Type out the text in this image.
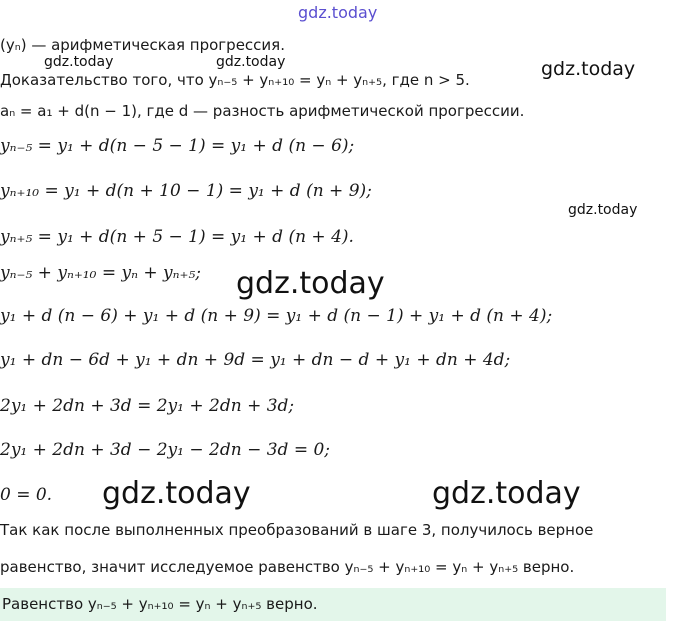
gdz.today
gdz.today	gdz.today	gdz.today
gdz.today
(yₙ) — арифметическая прогрессия.
Доказательство того, что yₙ₋₅ + yₙ₊₁₀ = yₙ + yₙ₊₅, где n > 5.
aₙ = a₁ + d(n − 1), где d — разность арифметической прогрессии.
yₙ₋₅ = y₁ + d(n − 5 − 1) = y₁ + d (n − 6);
yₙ₊₁₀ = y₁ + d(n + 10 − 1) = y₁ + d (n + 9);
yₙ₊₅ = y₁ + d(n + 5 − 1) = y₁ + d (n + 4).
yₙ₋₅ + yₙ₊₁₀ = yₙ + yₙ₊₅; gdz.today
y₁ + d (n − 6) + y₁ + d (n + 9) = y₁ + d (n − 1) + y₁ + d (n + 4);
y₁ + dn − 6d + y₁ + dn + 9d = y₁ + dn − d + y₁ + dn + 4d;
2y₁ + 2dn + 3d = 2y₁ + 2dn + 3d;
2y₁ + 2dn + 3d − 2y₁ − 2dn − 3d = 0;
0 = 0. gdz.today	gdz.today
Так как после выполненных преобразований в шаге 3, получилось верное
равенство, значит исследуемое равенство yₙ₋₅ + yₙ₊₁₀ = yₙ + yₙ₊₅ верно.
Равенство yₙ₋₅ + yₙ₊₁₀ = yₙ + yₙ₊₅ верно.
